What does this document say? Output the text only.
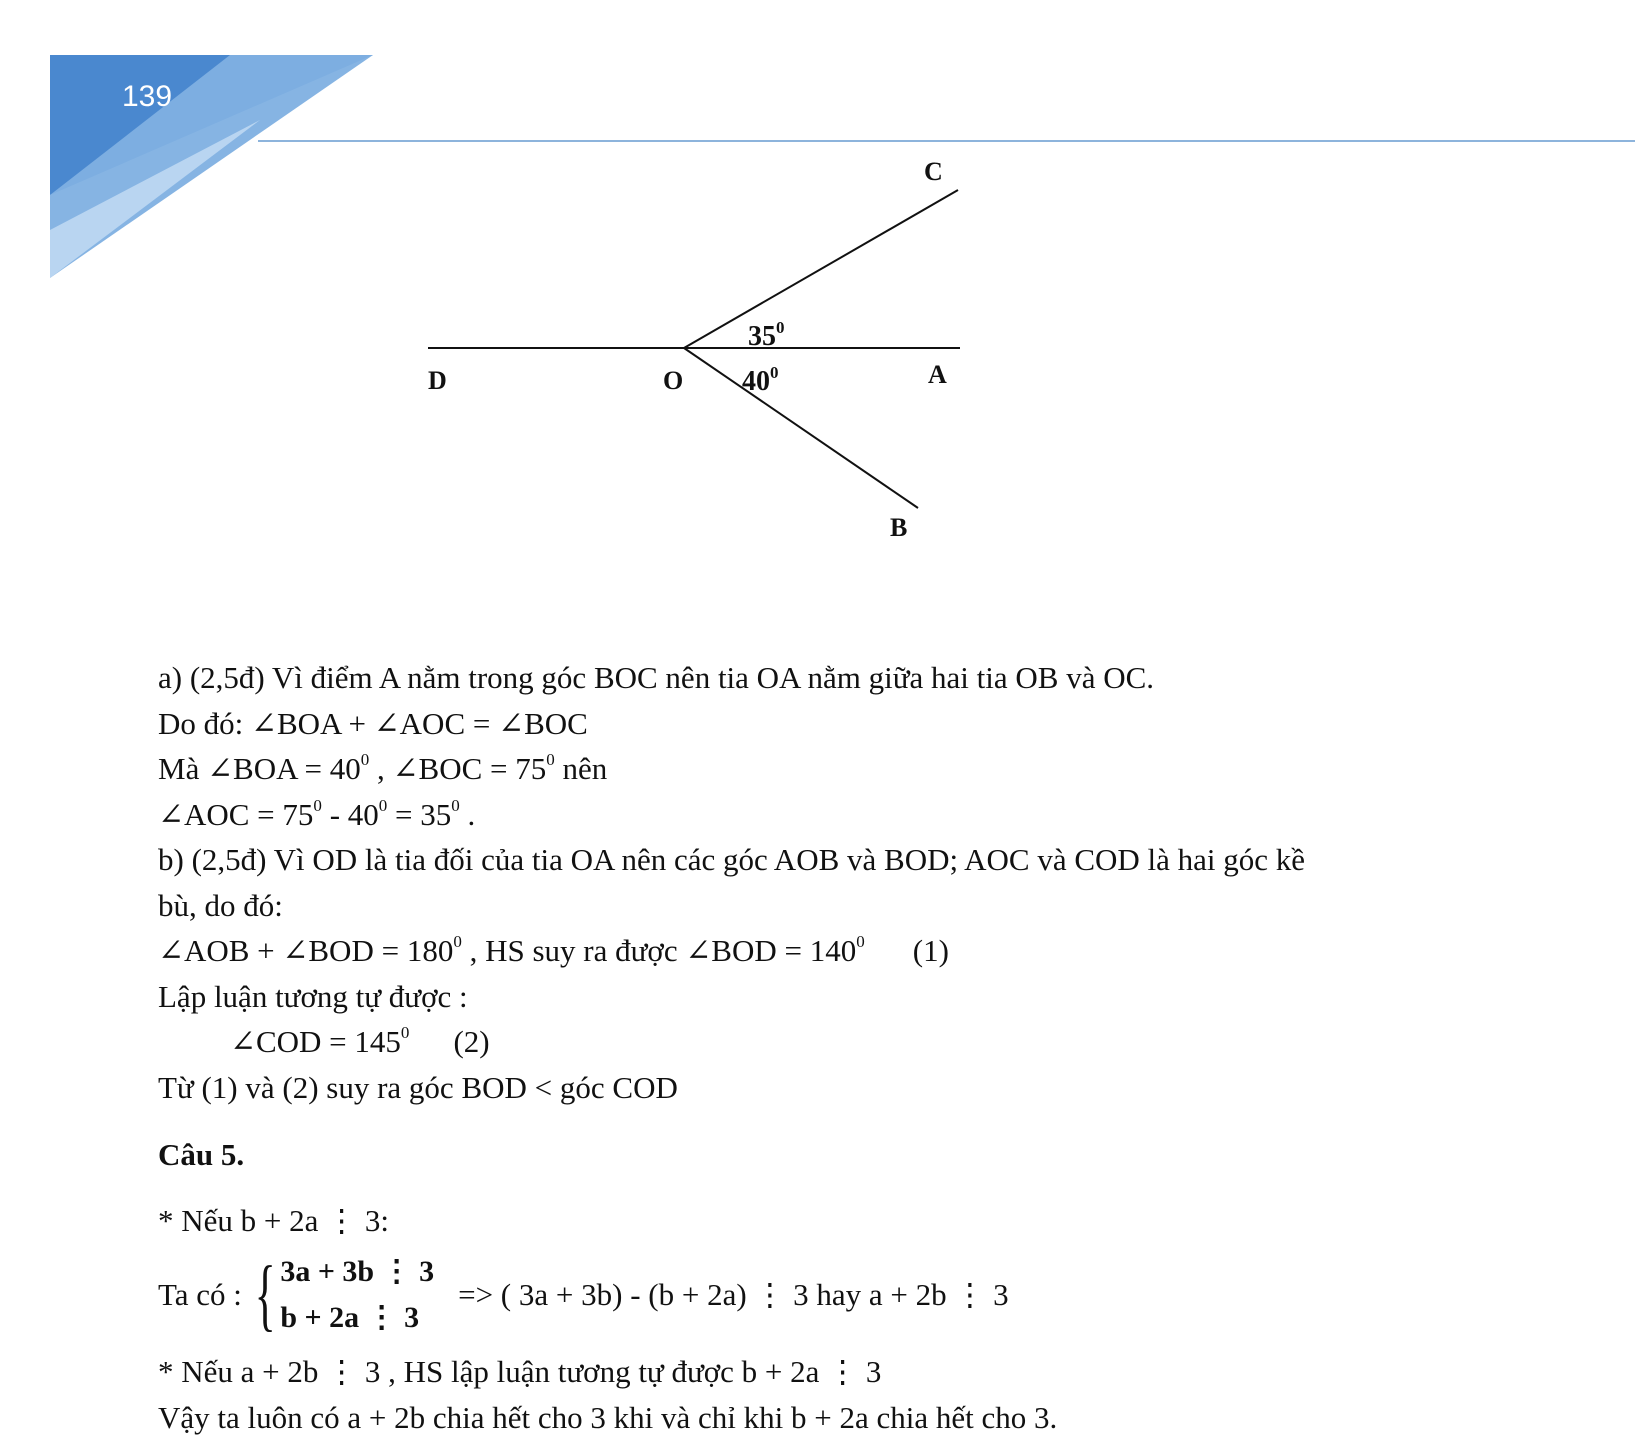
139
C
D	O	A
B
$35^0$
$40^0$
a) (2,5đ) Vì điểm A nằm trong góc BOC nên tia OA nằm giữa hai tia OB và OC.
Do đó: ∠BOA + ∠AOC = ∠BOC
Mà ∠BOA = $40^0$ , ∠BOC = $75^0$ nên
∠AOC = $75^0 - 40^0 = 35^0$ .
b) (2,5đ) Vì OD là tia đối của tia OA nên các góc AOB và BOD; AOC và COD là hai góc kề
bù, do đó:
∠AOB + ∠BOD = $180^0$ , HS suy ra được ∠BOD = $140^0$ (1)
Lập luận tương tự được :
∠COD = $145^0$ (2)
Từ (1) và (2) suy ra góc BOD < góc COD
Câu 5.
* Nếu b + 2a ⋮ 3:
Ta có : { 3a + 3b ⋮ 3
b + 2a ⋮ 3
=> ( 3a + 3b) - (b + 2a) ⋮ 3 hay a + 2b ⋮ 3
* Nếu a + 2b ⋮ 3 , HS lập luận tương tự được b + 2a ⋮ 3
Vậy ta luôn có a + 2b chia hết cho 3 khi và chỉ khi b + 2a chia hết cho 3.
